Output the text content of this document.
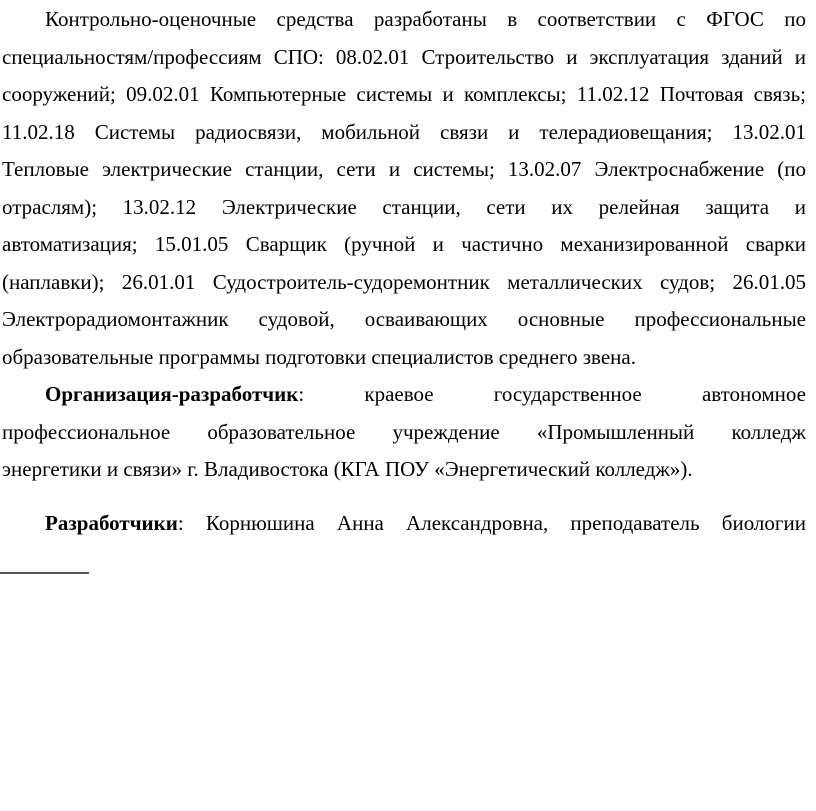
Контрольно-оценочные средства разработаны в соответствии с ФГОС по
специальностям/профессиям СПО: 08.02.01 Строительство и эксплуатация зданий и
сооружений; 09.02.01 Компьютерные системы и комплексы; 11.02.12 Почтовая связь;
11.02.18 Системы радиосвязи, мобильной связи и телерадиовещания; 13.02.01
Тепловые электрические станции, сети и системы; 13.02.07 Электроснабжение (по
отраслям); 13.02.12 Электрические станции, сети их релейная защита и
автоматизация; 15.01.05 Сварщик (ручной и частично механизированной сварки
(наплавки); 26.01.01 Судостроитель-судоремонтник металлических судов; 26.01.05
Электрорадиомонтажник судовой, осваивающих основные профессиональные
образовательные программы подготовки специалистов среднего звена.
Организация-разработчик: краевое государственное автономное
профессиональное образовательное учреждение «Промышленный колледж
энергетики и связи» г. Владивостока (КГА ПОУ «Энергетический колледж»).
Разработчики: Корнюшина Анна Александровна, преподаватель биологии
